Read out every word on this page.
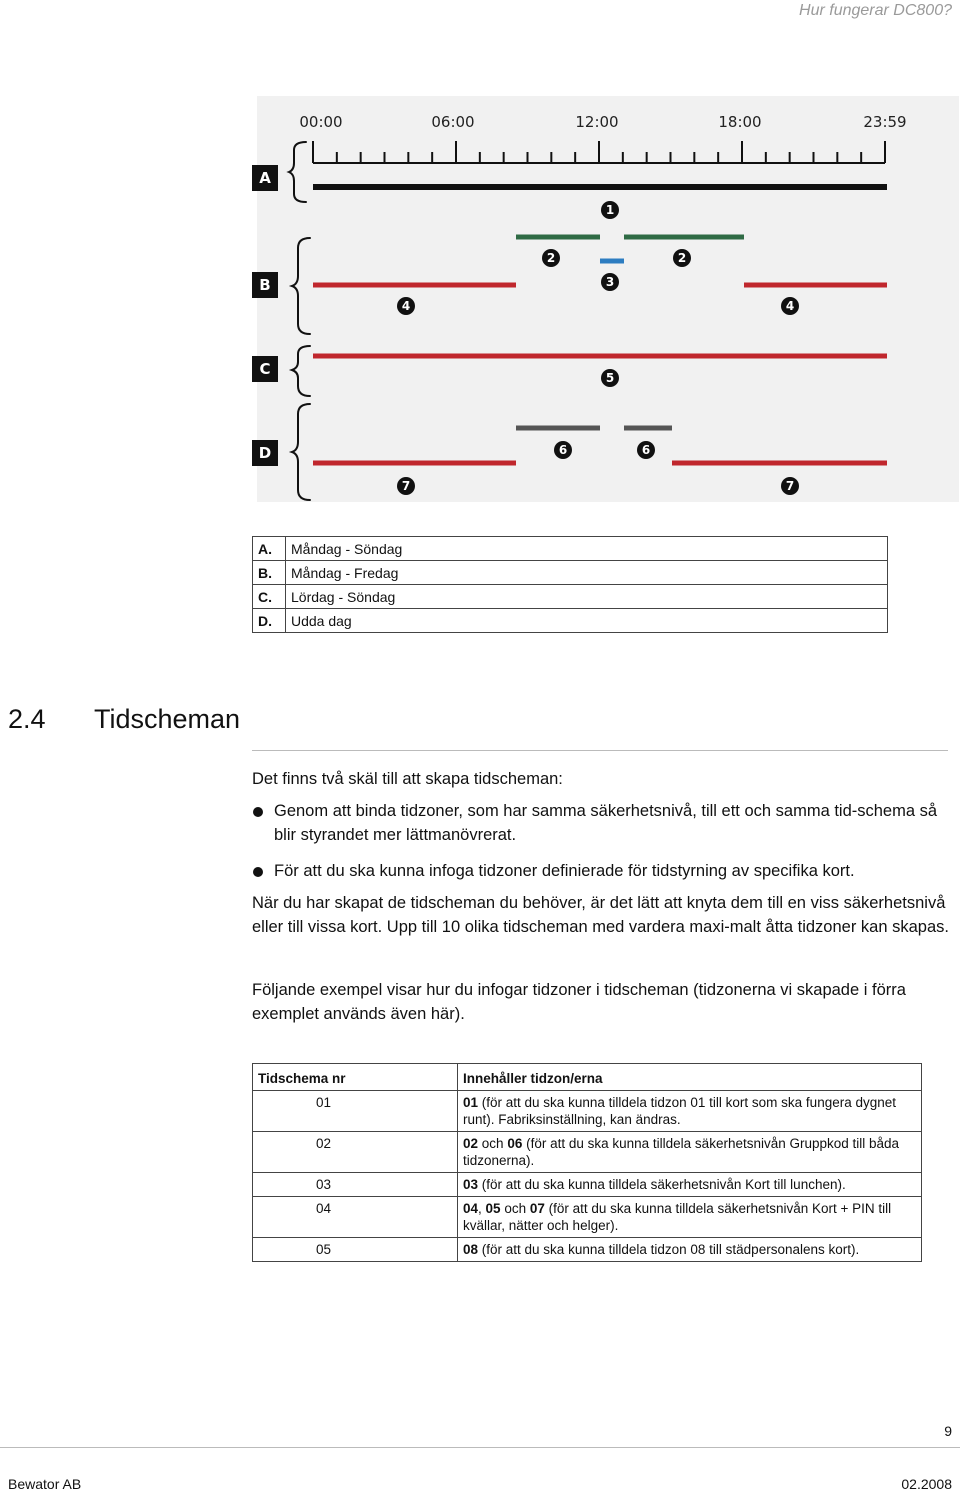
Hur fungerar DC800?
00:00	06:00	12:00	18:00	23:59
A
B
C
D
1
2	2
3
4	4
5
6	6
7	7
A.	Måndag - Söndag
B.	Måndag - Fredag
C.	Lördag - Söndag
D.	Udda dag
2.4 Tidscheman

Det finns två skäl till att skapa tidscheman:

Genom att binda tidzoner, som har samma säkerhetsnivå, till ett och samma tid-schema så blir styrandet mer lättmanövrerat.
För att du ska kunna infoga tidzoner definierade för tidstyrning av specifika kort.

När du har skapat de tidscheman du behöver, är det lätt att knyta dem till en viss säkerhetsnivå eller till vissa kort. Upp till 10 olika tidscheman med vardera maxi-malt åtta tidzoner kan skapas.

Följande exempel visar hur du infogar tidzoner i tidscheman (tidzonerna vi skapade i förra exemplet används även här).

Tidschema nr	Innehåller tidzon/erna
01	01 (för att du ska kunna tilldela tidzon 01 till kort som ska fungera dygnet runt). Fabriksinställning, kan ändras.
02	02 och 06 (för att du ska kunna tilldela säkerhetsnivån Gruppkod till båda tidzonerna).
03	03 (för att du ska kunna tilldela säkerhetsnivån Kort till lunchen).
04	04, 05 och 07 (för att du ska kunna tilldela säkerhetsnivån Kort + PIN till kvällar, nätter och helger).
05	08 (för att du ska kunna tilldela tidzon 08 till städpersonalens kort).
9
Bewator AB	02.2008
